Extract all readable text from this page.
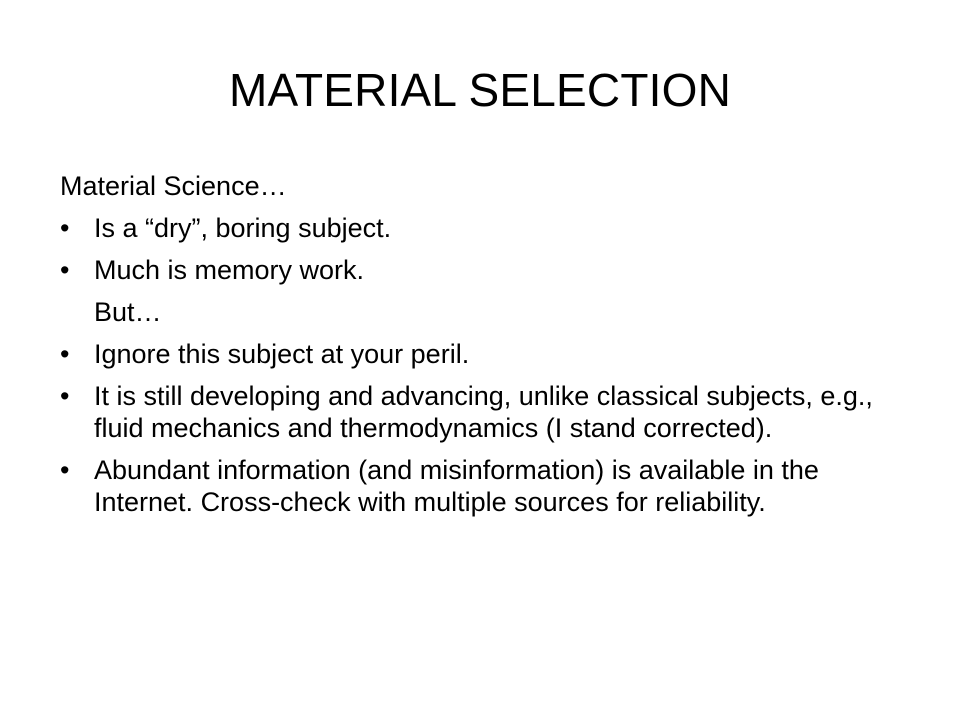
MATERIAL SELECTION

Material Science…

• Is a “dry”, boring subject.
• Much is memory work.
But…
• Ignore this subject at your peril.
• It is still developing and advancing, unlike classical subjects, e.g., fluid mechanics and thermodynamics (I stand corrected).
• Abundant information (and misinformation) is available in the Internet. Cross-check with multiple sources for reliability.
